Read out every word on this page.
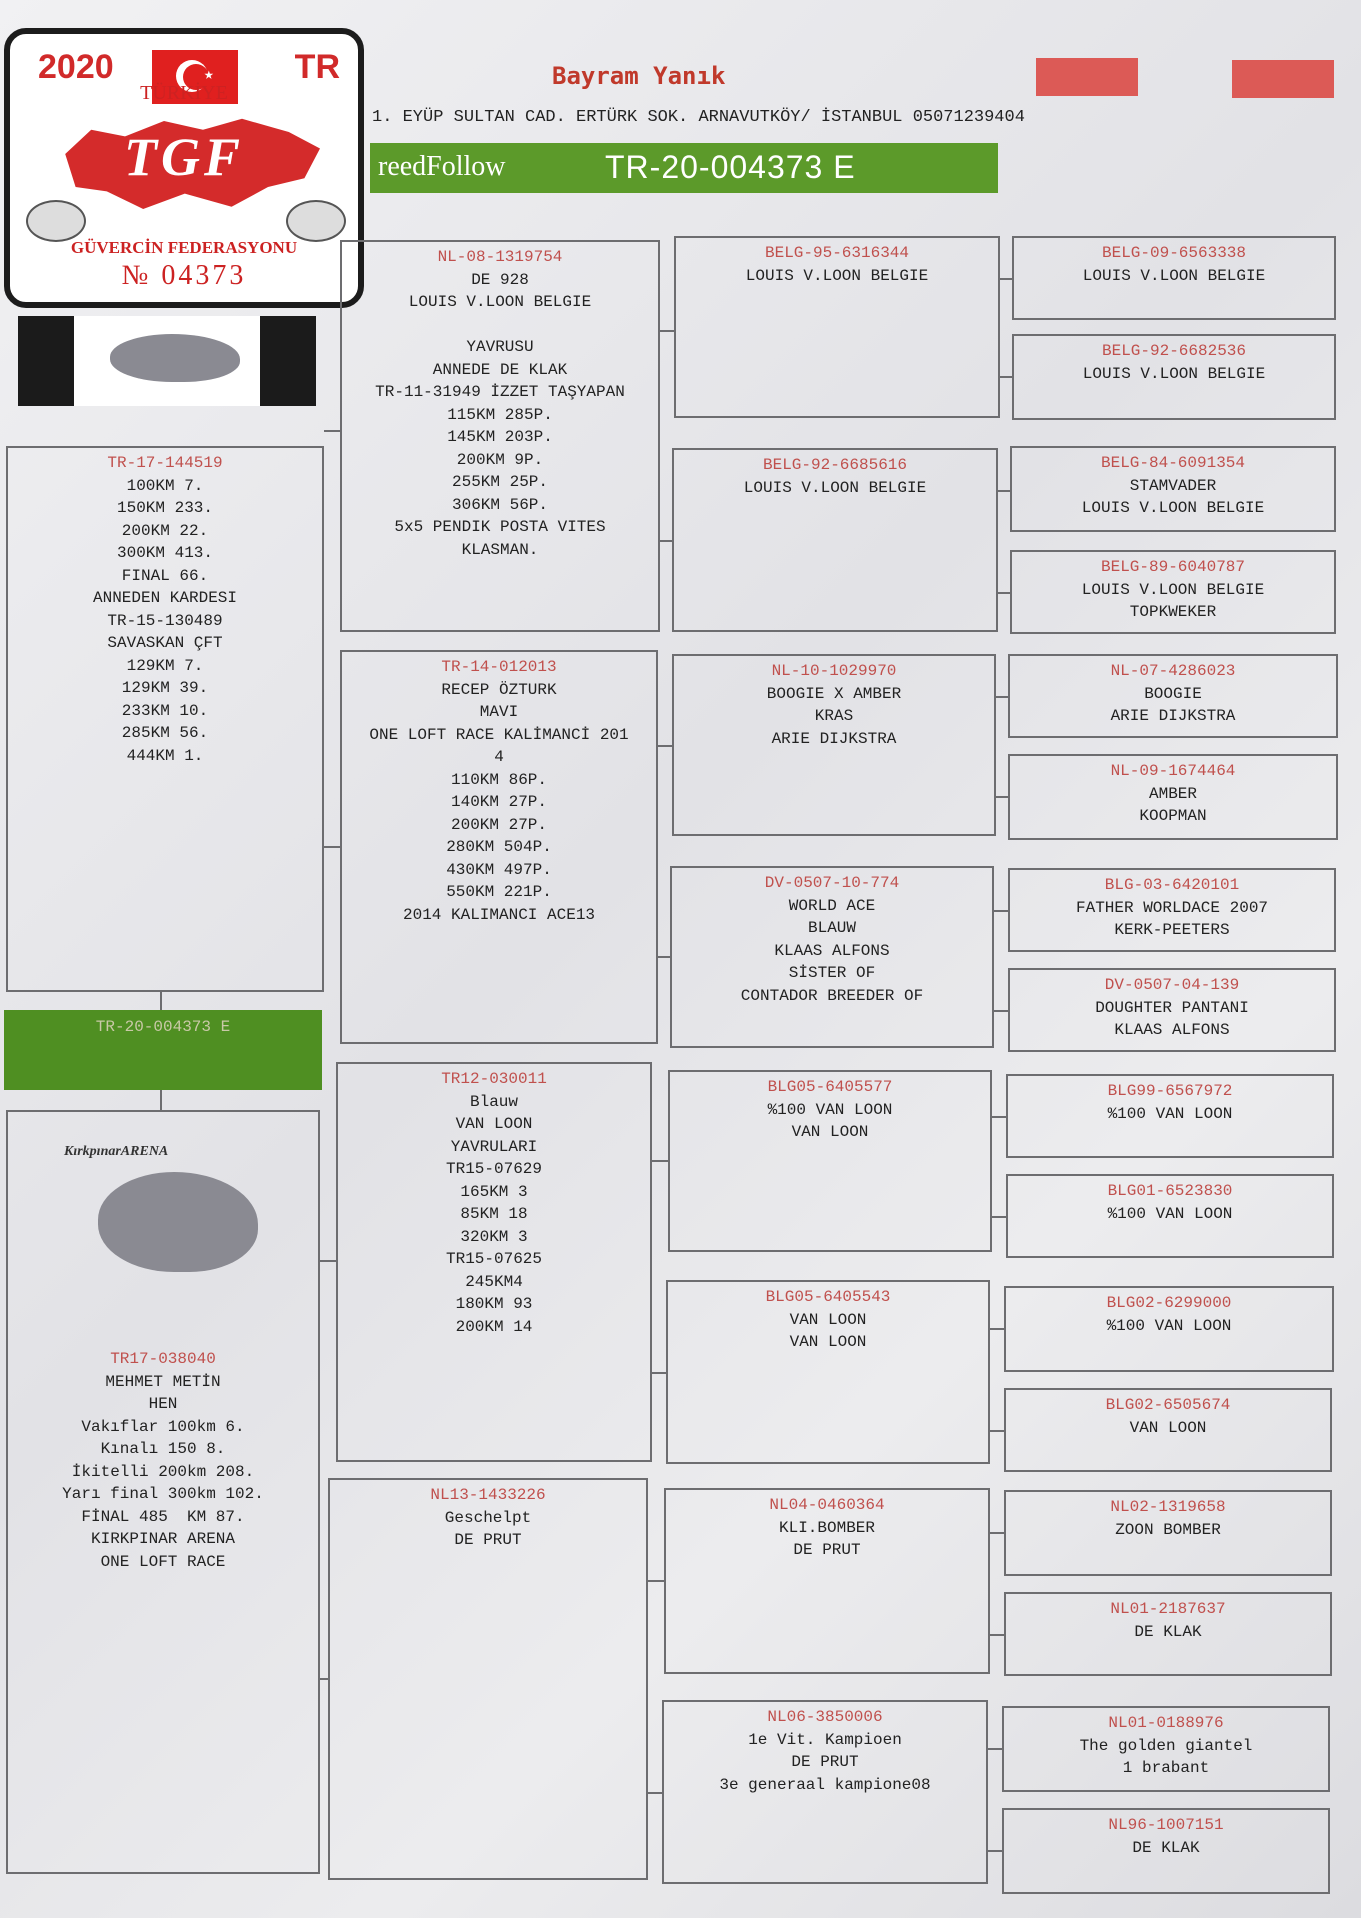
Bayram Yanık
1. EYÜP SULTAN CAD. ERTÜRK SOK. ARNAVUTKÖY/ İSTANBUL 05071239404
reedFollow	TR-20-004373 E
★
2020	TR
TÜRKİYE
TGF
GÜVERCİN FEDERASYONU
№ 04373
TR-17-144519
100KM 7.
150KM 233.
200KM 22.
300KM 413.
FINAL 66.
ANNEDEN KARDESI
TR-15-130489
SAVASKAN ÇFT
129KM 7.
129KM 39.
233KM 10.
285KM 56.
444KM 1.
TR-20-004373 E
KırkpınarARENA
TR17-038040
MEHMET METİN
HEN
Vakıflar 100km 6.
Kınalı 150 8.
İkitelli 200km 208.
Yarı final 300km 102.
FİNAL 485  KM 87.
KIRKPINAR ARENA
ONE LOFT RACE
NL-08-1319754
DE 928
LOUIS V.LOON BELGIE

YAVRUSU
ANNEDE DE KLAK
TR-11-31949 İZZET TAŞYAPAN
115KM 285P.
145KM 203P.
200KM 9P.
255KM 25P.
306KM 56P.
5x5 PENDIK POSTA VITES
KLASMAN.
TR-14-012013
RECEP ÖZTURK
MAVI
ONE LOFT RACE KALİMANCİ 201
4
110KM 86P.
140KM 27P.
200KM 27P.
280KM 504P.
430KM 497P.
550KM 221P.
2014 KALIMANCI ACE13
TR12-030011
Blauw
VAN LOON
YAVRULARI
TR15-07629
165KM 3
85KM 18
320KM 3
TR15-07625
245KM4
180KM 93
200KM 14
NL13-1433226
Geschelpt
DE PRUT
BELG-95-6316344
LOUIS V.LOON BELGIE
BELG-92-6685616
LOUIS V.LOON BELGIE
NL-10-1029970
BOOGIE X AMBER
KRAS
ARIE DIJKSTRA
DV-0507-10-774
WORLD ACE
BLAUW
KLAAS ALFONS
SİSTER OF
CONTADOR BREEDER OF
BLG05-6405577
%100 VAN LOON
VAN LOON
BLG05-6405543
VAN LOON
VAN LOON
NL04-0460364
KLI.BOMBER
DE PRUT
NL06-3850006
1e Vit. Kampioen
DE PRUT
3e generaal kampione08
BELG-09-6563338
LOUIS V.LOON BELGIE
BELG-92-6682536
LOUIS V.LOON BELGIE
BELG-84-6091354
STAMVADER
LOUIS V.LOON BELGIE
BELG-89-6040787
LOUIS V.LOON BELGIE
TOPKWEKER
NL-07-4286023
BOOGIE
ARIE DIJKSTRA
NL-09-1674464
AMBER
KOOPMAN
BLG-03-6420101
FATHER WORLDACE 2007
KERK-PEETERS
DV-0507-04-139
DOUGHTER PANTANI
KLAAS ALFONS
BLG99-6567972
%100 VAN LOON
BLG01-6523830
%100 VAN LOON
BLG02-6299000
%100 VAN LOON
BLG02-6505674
VAN LOON
NL02-1319658
ZOON BOMBER
NL01-2187637
DE KLAK
NL01-0188976
The golden giantel
1 brabant
NL96-1007151
DE KLAK
